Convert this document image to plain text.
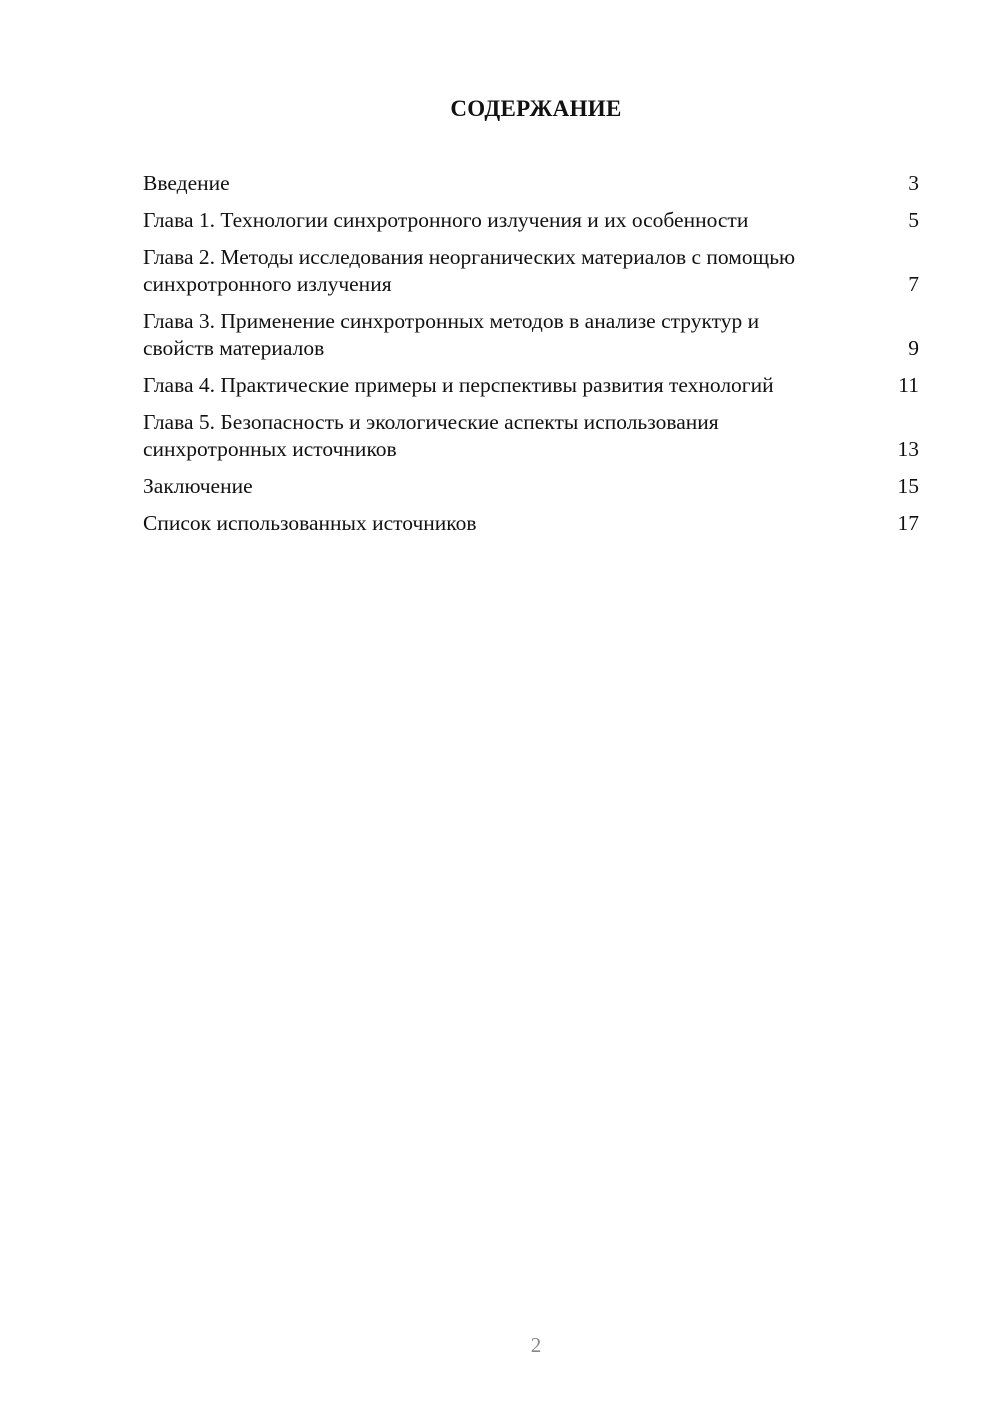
СОДЕРЖАНИЕ
Введение	3
Глава 1. Технологии синхротронного излучения и их особенности	5
Глава 2. Методы исследования неорганических материалов с помощью синхротронного излучения	7
Глава 3. Применение синхротронных методов в анализе структур и свойств материалов	9
Глава 4. Практические примеры и перспективы развития технологий	11
Глава 5. Безопасность и экологические аспекты использования синхротронных источников	13
Заключение	15
Список использованных источников	17
2
